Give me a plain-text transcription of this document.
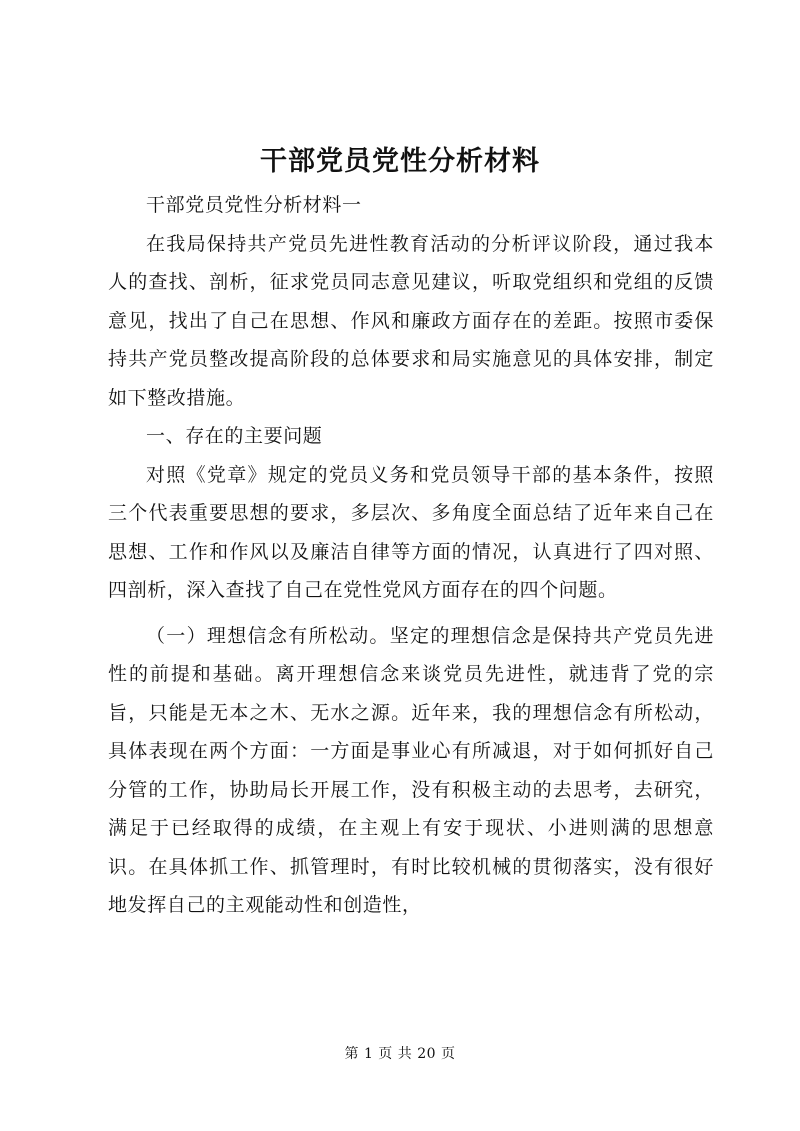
干部党员党性分析材料

干部党员党性分析材料一

在我局保持共产党员先进性教育活动的分析评议阶段，通过我本人的查找、剖析，征求党员同志意见建议，听取党组织和党组的反馈意见，找出了自己在思想、作风和廉政方面存在的差距。按照市委保持共产党员整改提高阶段的总体要求和局实施意见的具体安排，制定如下整改措施。

一、存在的主要问题

对照《党章》规定的党员义务和党员领导干部的基本条件，按照三个代表重要思想的要求，多层次、多角度全面总结了近年来自己在思想、工作和作风以及廉洁自律等方面的情况，认真进行了四对照、四剖析，深入查找了自己在党性党风方面存在的四个问题。

（一）理想信念有所松动。坚定的理想信念是保持共产党员先进性的前提和基础。离开理想信念来谈党员先进性，就违背了党的宗旨，只能是无本之木、无水之源。近年来，我的理想信念有所松动，具体表现在两个方面：一方面是事业心有所减退，对于如何抓好自己分管的工作，协助局长开展工作，没有积极主动的去思考，去研究，满足于已经取得的成绩，在主观上有安于现状、小进则满的思想意识。在具体抓工作、抓管理时，有时比较机械的贯彻落实，没有很好地发挥自己的主观能动性和创造性，

第 1 页 共 20 页
